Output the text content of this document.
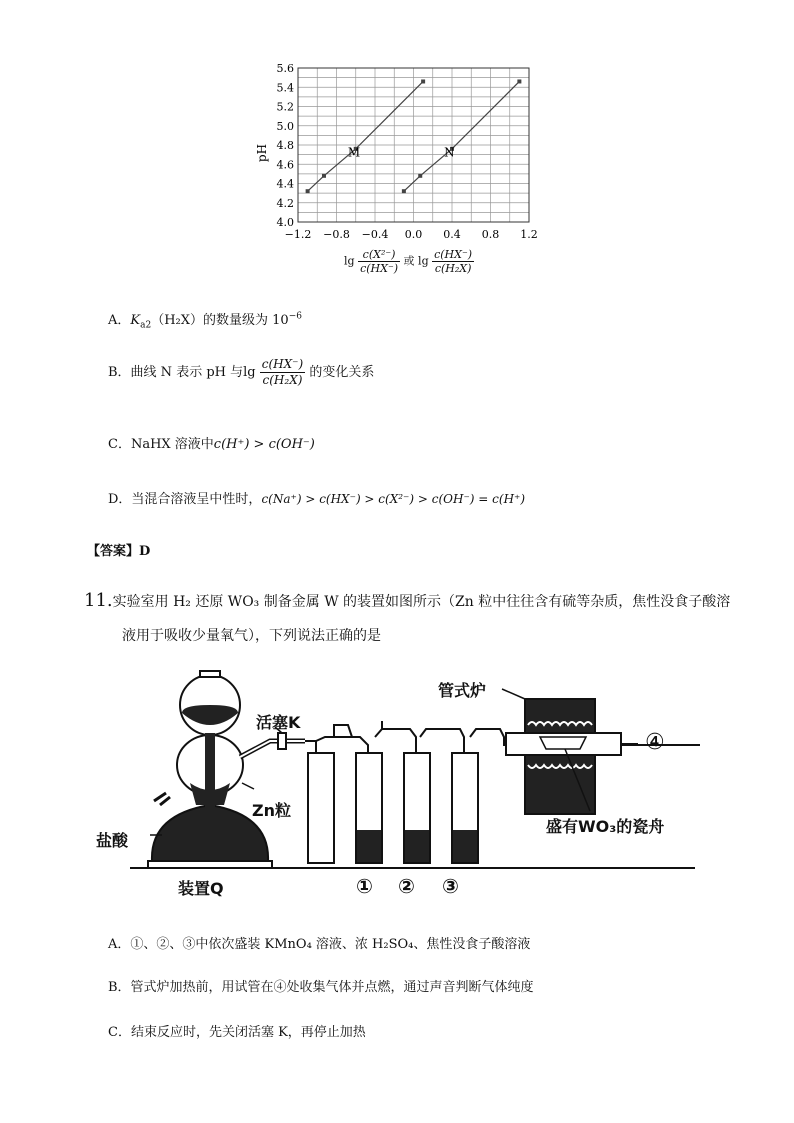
5.6
5.4
5.2
5.0
4.8
4.6
4.4
4.2
4.0
−1.2 −0.8 −0.4 0.0 0.4 0.8 1.2
M	N
pH
$\lg \frac{\text{c(X²⁻)}}{c(HX^-)}$ 或 $\lg \frac{c(HX^-)}{\text{c(H₂X)}}$
A．$K_{a2}(H_2X)$的数量级为 $10^{-6}$
B．曲线 N 表示 pH 与$\lg \frac{c(HX^-)}{\text{c(H₂X)}}$ 的变化关系
C．NaHX 溶液中c(H⁺) > c(OH⁻)
D．当混合溶液呈中性时，c(Na⁺) > c(HX⁻) > c(X²⁻) > c(OH⁻) = c(H⁺)
【答案】D
11.实验室用 H₂ 还原 WO₃ 制备金属 W 的装置如图所示（Zn 粒中往往含有硫等杂质，焦性没食子酸溶
液用于吸收少量氧气），下列说法正确的是
活塞K
Zn粒
盐酸
装置Q
管式炉
盛有WO₃的瓷舟
① ② ③
④
A．①、②、③中依次盛装 KMnO₄ 溶液、浓 H₂SO₄、焦性没食子酸溶液
B．管式炉加热前，用试管在④处收集气体并点燃，通过声音判断气体纯度
C．结束反应时，先关闭活塞 K，再停止加热
